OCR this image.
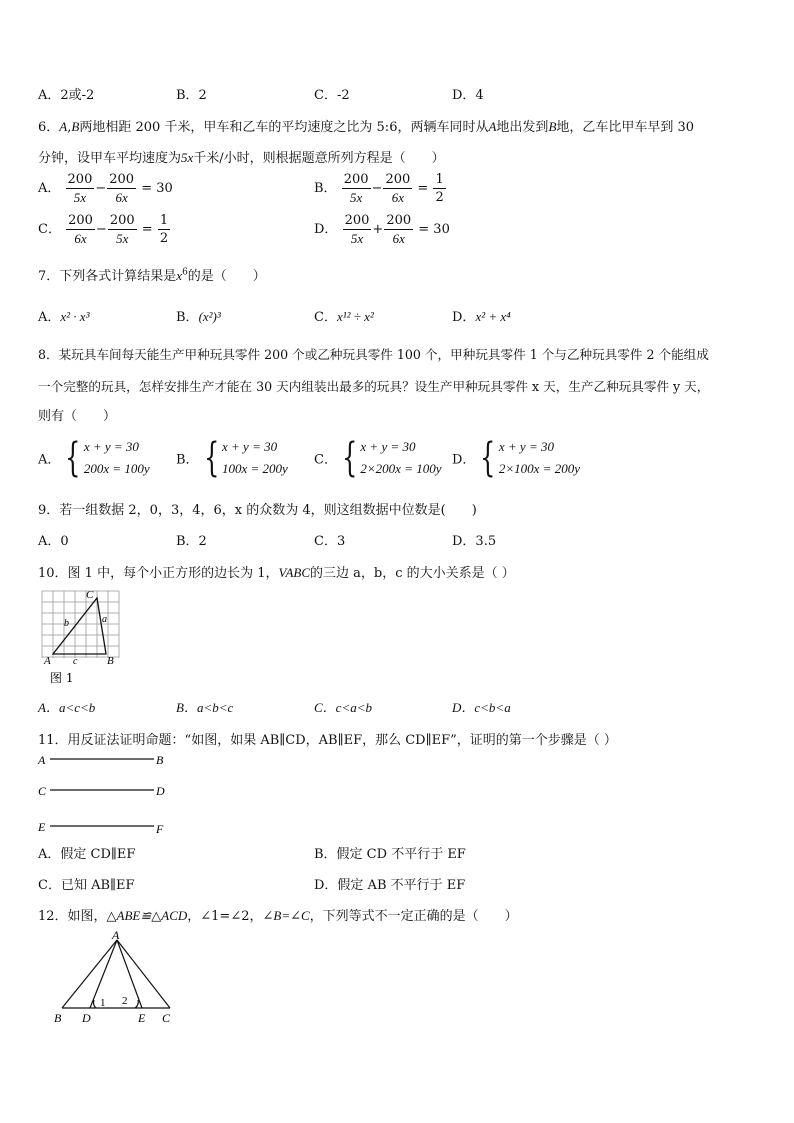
A．2或-2	B．2	C．-2	D．4
6．A,B两地相距 200 千米，甲车和乙车的平均速度之比为 5:6，两辆车同时从A地出发到B地，乙车比甲车早到 30
分钟，设甲车平均速度为5x千米/小时，则根据题意所列方程是（　　）
A． $\frac{200}{5x} - \frac{200}{6x} = 30$	B． $\frac{200}{5x} - \frac{200}{6x} = \frac{1}{2}$
C． $\frac{200}{6x} - \frac{200}{5x} = \frac{1}{2}$	D． $\frac{200}{5x} + \frac{200}{6x} = 30$
7．下列各式计算结果是$x^6$的是（　　）
A．x² · x³	B．(x²)³	C．x¹² ÷ x²	D．x² + x⁴
8．某玩具车间每天能生产甲种玩具零件 200 个或乙种玩具零件 100 个，甲种玩具零件 1 个与乙种玩具零件 2 个能组成
一个完整的玩具，怎样安排生产才能在 30 天内组装出最多的玩具？设生产甲种玩具零件 x 天，生产乙种玩具零件 y 天，
则有（　　）
A． { x + y = 30
200x = 100y
B． { x + y = 30
100x = 200y
C． { x + y = 30
2×200x = 100y
D． { x + y = 30
2×100x = 200y
9．若一组数据 2，0，3，4，6，x 的众数为 4，则这组数据中位数是(　　)
A．0	B．2	C．3	D．3.5
10．图 1 中，每个小正方形的边长为 1，VABC的三边 a，b，c 的大小关系是（ ）
A	B
C
a
b
c
图 1
A．a<c<b	B．a<b<c	C．c<a<b	D．c<b<a
11．用反证法证明命题：“如图，如果 AB∥CD，AB∥EF，那么 CD∥EF”，证明的第一个步骤是（ ）
A	B
C	D
E	F
A．假定 CD∥EF	B．假定 CD 不平行于 EF
C．已知 AB∥EF	D．假定 AB 不平行于 EF
12．如图，△ABE≌△ACD，∠1=∠2，∠B=∠C，下列等式不一定正确的是（　　）
A
B D	E C
1 2
